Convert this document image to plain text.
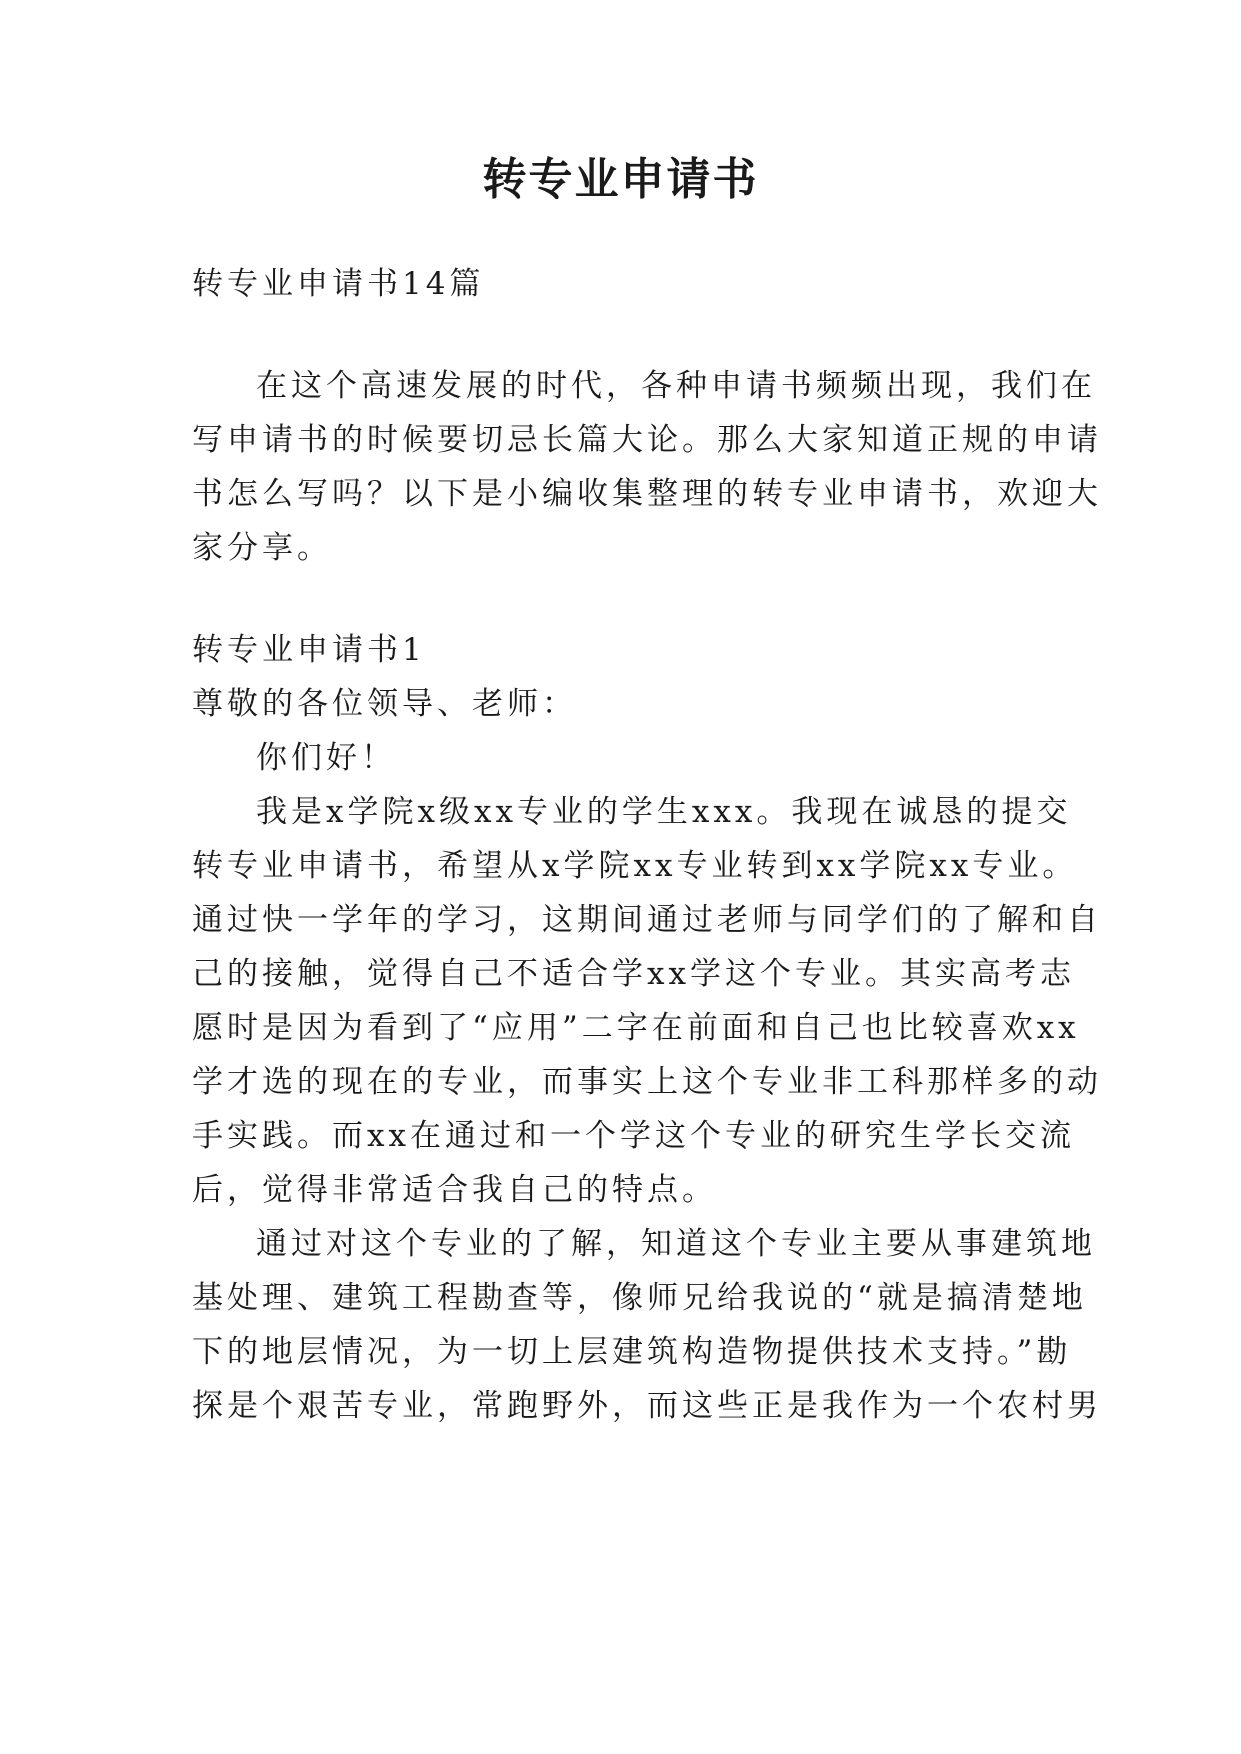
转专业申请书

转专业申请书14篇

在这个高速发展的时代，各种申请书频频出现，我们在

写申请书的时候要切忌长篇大论。那么大家知道正规的申请

书怎么写吗？以下是小编收集整理的转专业申请书，欢迎大

家分享。

转专业申请书1

尊敬的各位领导、老师：

你们好！

我是x学院x级xx专业的学生xxx。我现在诚恳的提交

转专业申请书，希望从x学院xx专业转到xx学院xx专业。

通过快一学年的学习，这期间通过老师与同学们的了解和自

己的接触，觉得自己不适合学xx学这个专业。其实高考志

愿时是因为看到了“应用”二字在前面和自己也比较喜欢xx

学才选的现在的专业，而事实上这个专业非工科那样多的动

手实践。而xx在通过和一个学这个专业的研究生学长交流

后，觉得非常适合我自己的特点。

通过对这个专业的了解，知道这个专业主要从事建筑地

基处理、建筑工程勘查等，像师兄给我说的“就是搞清楚地

下的地层情况，为一切上层建筑构造物提供技术支持。”勘

探是个艰苦专业，常跑野外，而这些正是我作为一个农村男
